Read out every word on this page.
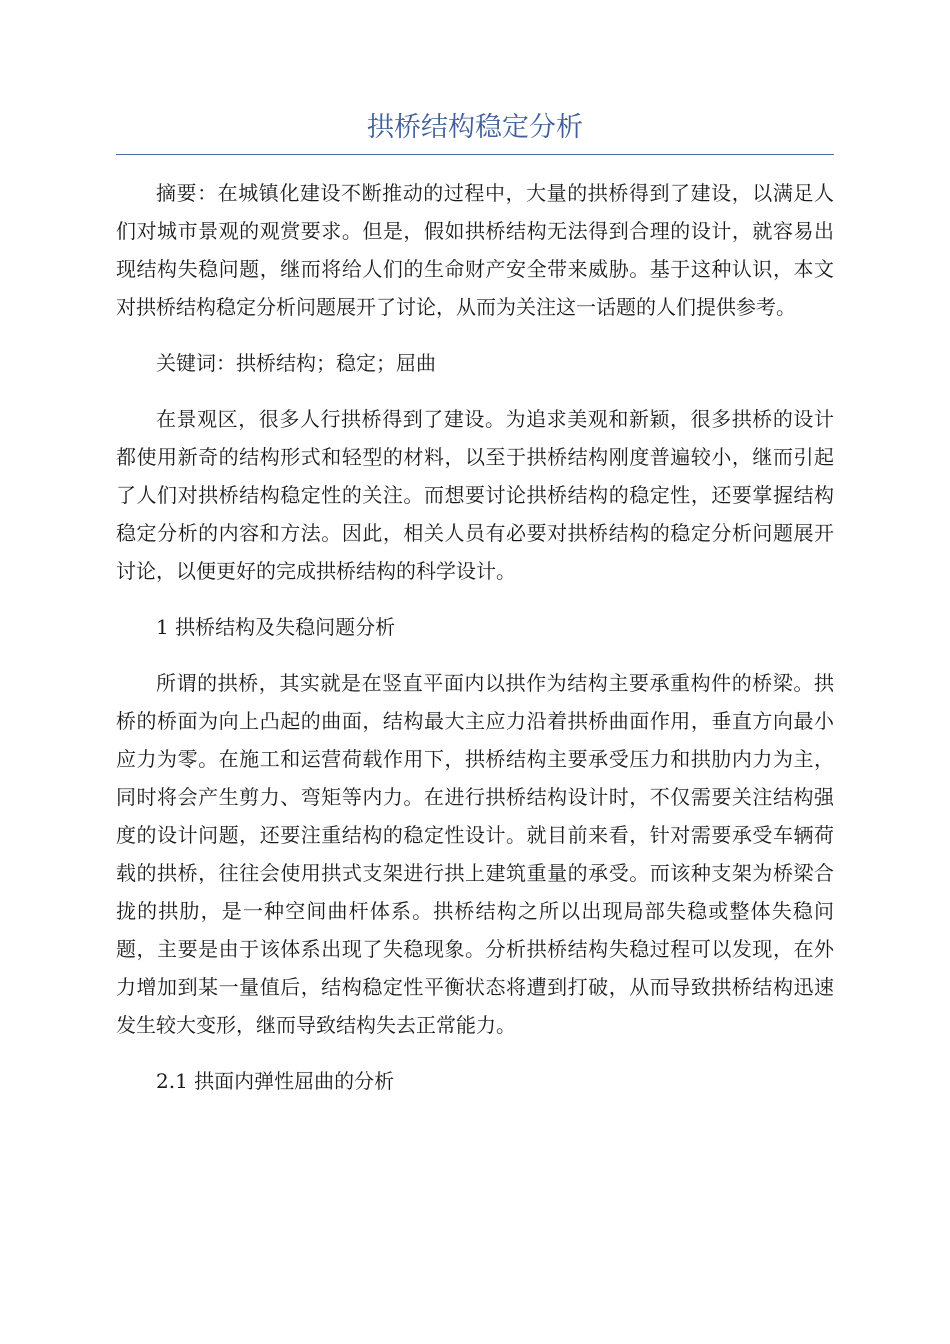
拱桥结构稳定分析

摘要：在城镇化建设不断推动的过程中，大量的拱桥得到了建设，以满足人们对城市景观的观赏要求。但是，假如拱桥结构无法得到合理的设计，就容易出现结构失稳问题，继而将给人们的生命财产安全带来威胁。基于这种认识，本文对拱桥结构稳定分析问题展开了讨论，从而为关注这一话题的人们提供参考。

关键词：拱桥结构；稳定；屈曲

在景观区，很多人行拱桥得到了建设。为追求美观和新颖，很多拱桥的设计都使用新奇的结构形式和轻型的材料，以至于拱桥结构刚度普遍较小，继而引起了人们对拱桥结构稳定性的关注。而想要讨论拱桥结构的稳定性，还要掌握结构稳定分析的内容和方法。因此，相关人员有必要对拱桥结构的稳定分析问题展开讨论，以便更好的完成拱桥结构的科学设计。

1 拱桥结构及失稳问题分析

所谓的拱桥，其实就是在竖直平面内以拱作为结构主要承重构件的桥梁。拱桥的桥面为向上凸起的曲面，结构最大主应力沿着拱桥曲面作用，垂直方向最小应力为零。在施工和运营荷载作用下，拱桥结构主要承受压力和拱肋内力为主，同时将会产生剪力、弯矩等内力。在进行拱桥结构设计时，不仅需要关注结构强度的设计问题，还要注重结构的稳定性设计。就目前来看，针对需要承受车辆荷载的拱桥，往往会使用拱式支架进行拱上建筑重量的承受。而该种支架为桥梁合拢的拱肋，是一种空间曲杆体系。拱桥结构之所以出现局部失稳或整体失稳问题，主要是由于该体系出现了失稳现象。分析拱桥结构失稳过程可以发现，在外力增加到某一量值后，结构稳定性平衡状态将遭到打破，从而导致拱桥结构迅速发生较大变形，继而导致结构失去正常能力。

2.1 拱面内弹性屈曲的分析
